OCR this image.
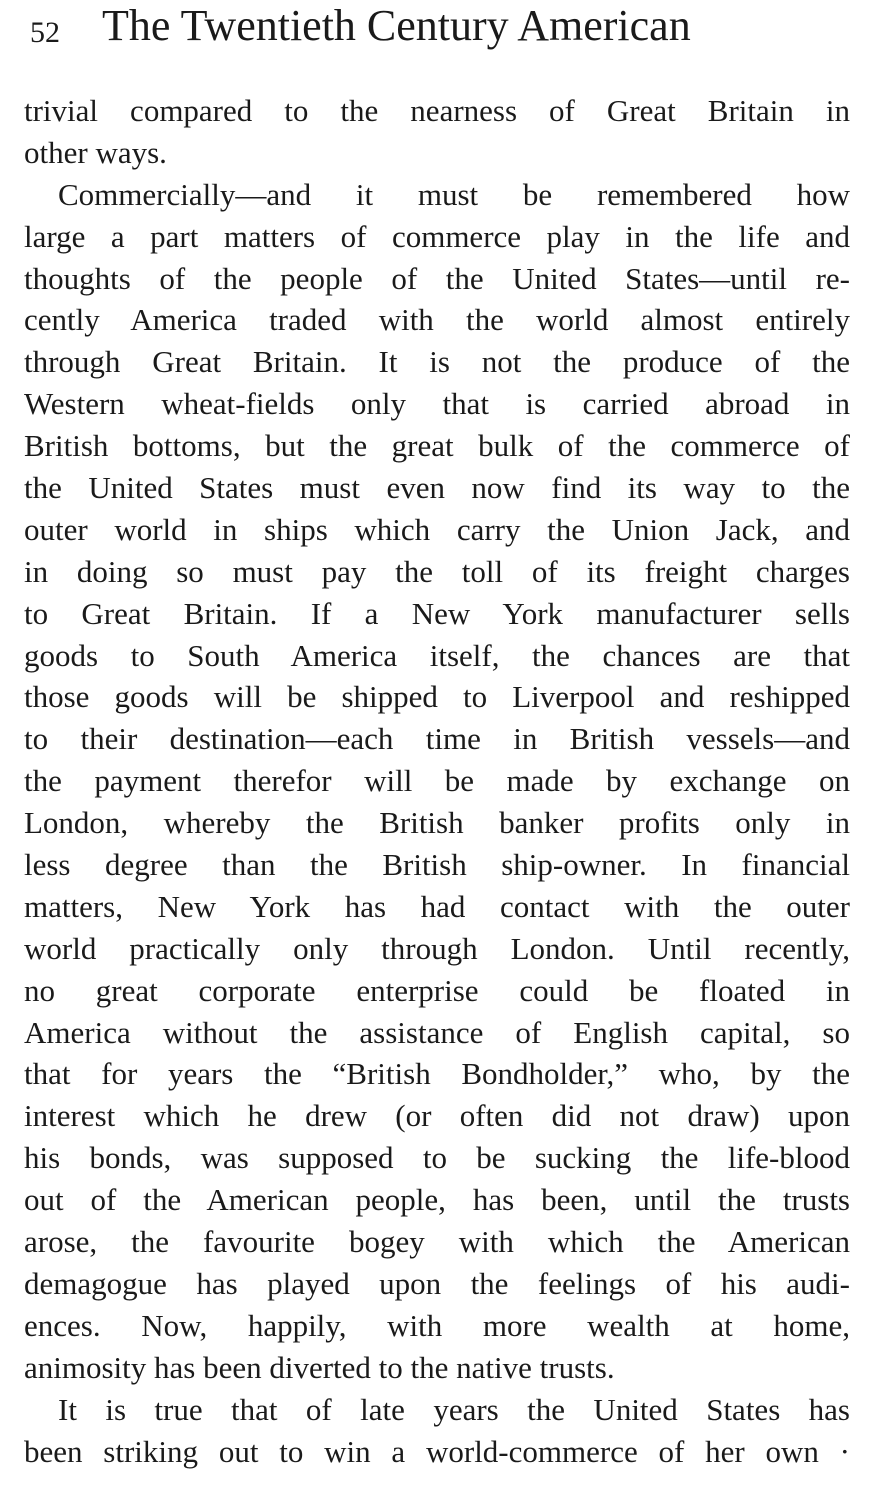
52 The Twentieth Century American
trivial compared to the nearness of Great Britain in
other ways.
Commercially—and it must be remembered how
large a part matters of commerce play in the life and
thoughts of the people of the United States—until re-
cently America traded with the world almost entirely
through Great Britain. It is not the produce of the
Western wheat-fields only that is carried abroad in
British bottoms, but the great bulk of the commerce of
the United States must even now find its way to the
outer world in ships which carry the Union Jack, and
in doing so must pay the toll of its freight charges
to Great Britain. If a New York manufacturer sells
goods to South America itself, the chances are that
those goods will be shipped to Liverpool and reshipped
to their destination—each time in British vessels—and
the payment therefor will be made by exchange on
London, whereby the British banker profits only in
less degree than the British ship-owner. In financial
matters, New York has had contact with the outer
world practically only through London. Until recently,
no great corporate enterprise could be floated in
America without the assistance of English capital, so
that for years the “British Bondholder,” who, by the
interest which he drew (or often did not draw) upon
his bonds, was supposed to be sucking the life-blood
out of the American people, has been, until the trusts
arose, the favourite bogey with which the American
demagogue has played upon the feelings of his audi-
ences. Now, happily, with more wealth at home,
animosity has been diverted to the native trusts.
It is true that of late years the United States has
been striking out to win a world-commerce of her own ·
